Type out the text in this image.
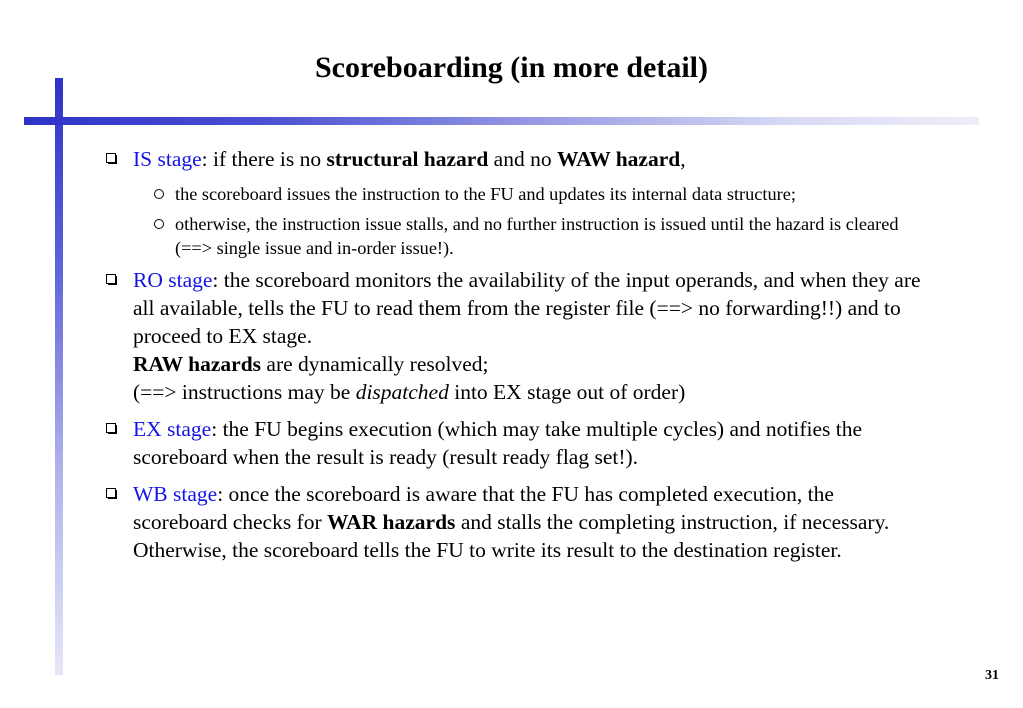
Scoreboarding (in more detail)
IS stage: if there is no structural hazard and no WAW hazard,
the scoreboard issues the instruction to the FU and updates its internal data structure;
otherwise, the instruction issue stalls, and no further instruction is issued until the hazard is cleared (==> single issue and in-order issue!).
RO stage: the scoreboard monitors the availability of the input operands, and when they are all available, tells the FU to read them from the register file (==> no forwarding!!) and to proceed to EX stage.
RAW hazards are dynamically resolved;
(==> instructions may be dispatched into EX stage out of order)
EX stage: the FU begins execution (which may take multiple cycles) and notifies the scoreboard when the result is ready (result ready flag set!).
WB stage: once the scoreboard is aware that the FU has completed execution, the scoreboard checks for WAR hazards and stalls the completing instruction, if necessary.
Otherwise, the scoreboard tells the FU to write its result to the destination register.
31
